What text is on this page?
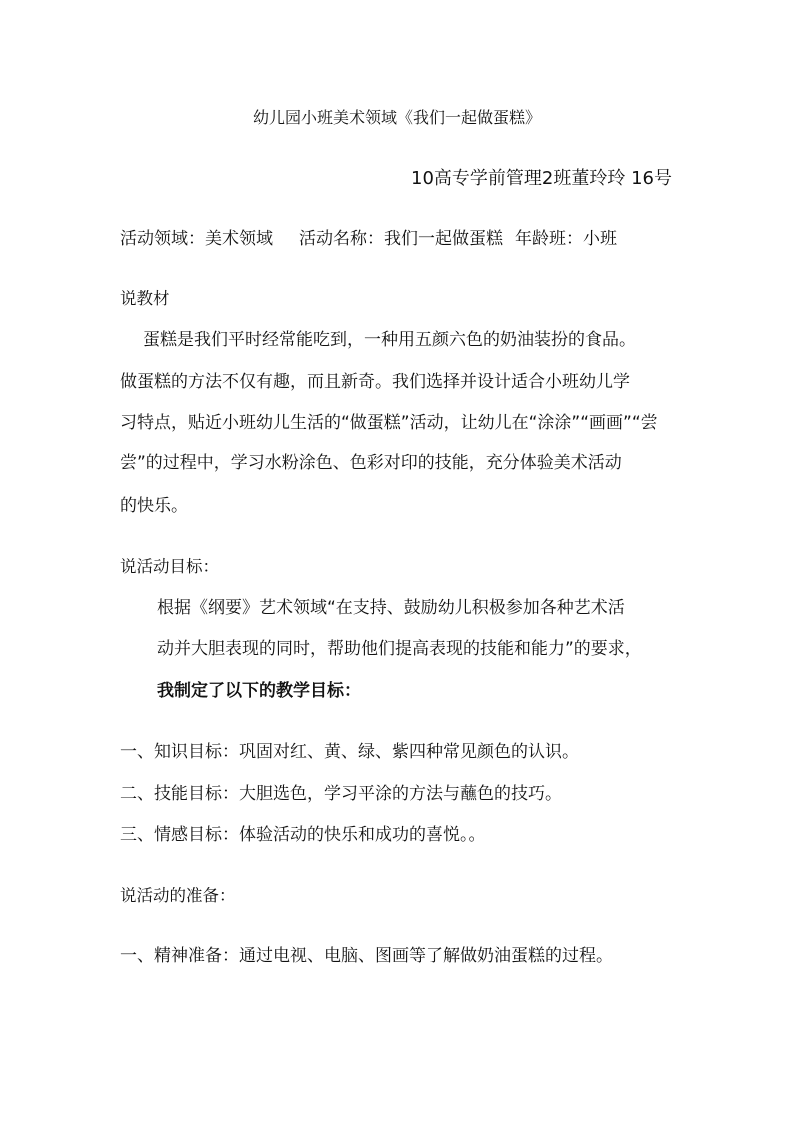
幼儿园小班美术领域《我们一起做蛋糕》
10高专学前管理2班董玲玲 16号
活动领域：美术领域 活动名称：我们一起做蛋糕 年龄班：小班
说教材
蛋糕是我们平时经常能吃到，一种用五颜六色的奶油装扮的食品。
做蛋糕的方法不仅有趣，而且新奇。我们选择并设计适合小班幼儿学
习特点，贴近小班幼儿生活的“做蛋糕”活动，让幼儿在“涂涂”“画画”“尝
尝”的过程中，学习水粉涂色、色彩对印的技能，充分体验美术活动
的快乐。
说活动目标：
根据《纲要》艺术领域“在支持、鼓励幼儿积极参加各种艺术活
动并大胆表现的同时，帮助他们提高表现的技能和能力”的要求，
我制定了以下的教学目标：
一、知识目标：巩固对红、黄、绿、紫四种常见颜色的认识。
二、技能目标：大胆选色，学习平涂的方法与蘸色的技巧。
三、情感目标：体验活动的快乐和成功的喜悦。。
说活动的准备：
一、精神准备：通过电视、电脑、图画等了解做奶油蛋糕的过程。
